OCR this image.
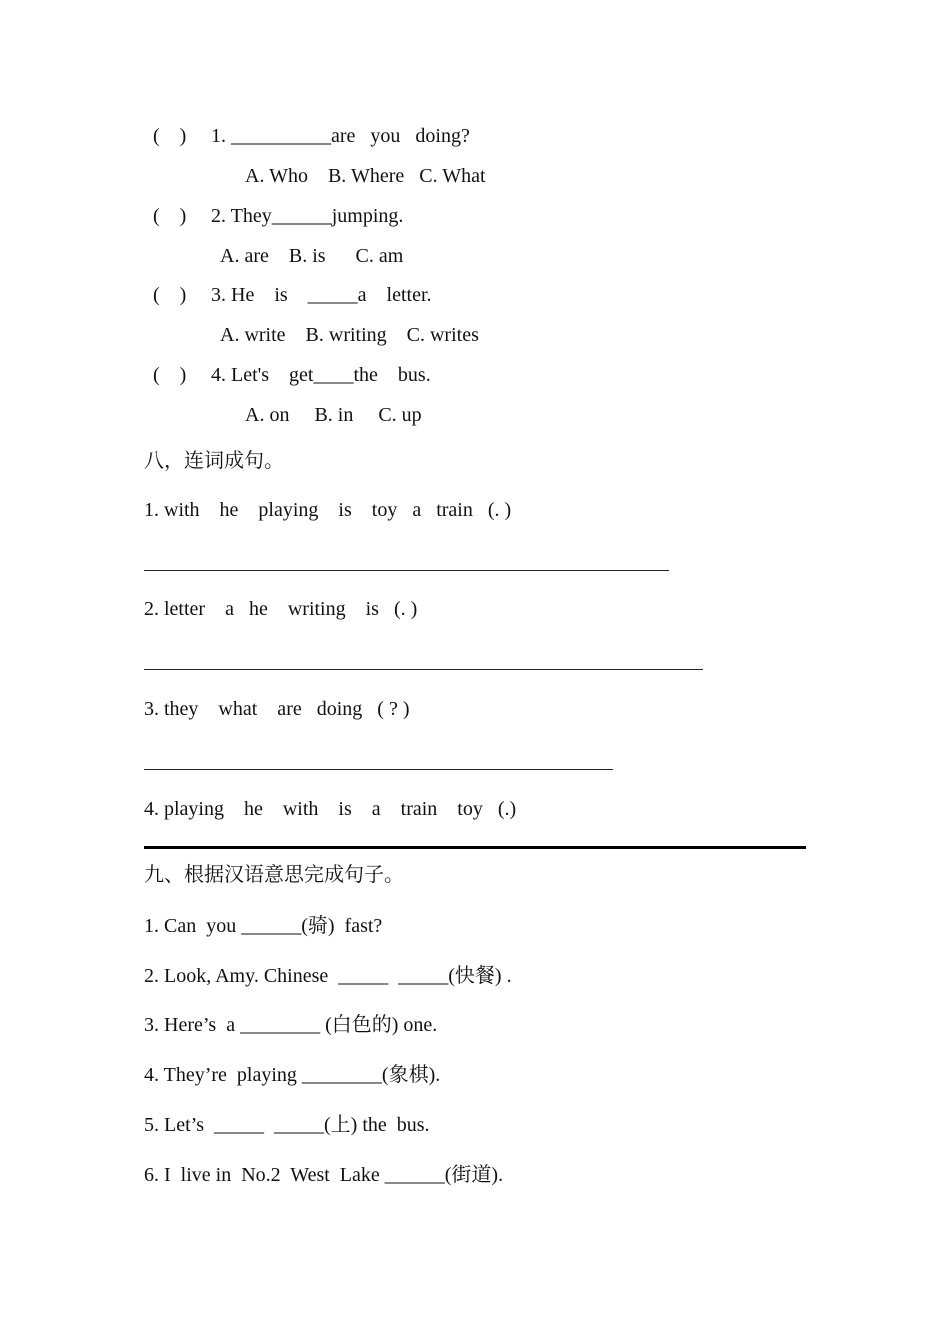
(    ) 1. __________are   you   doing?
A. Who    B. Where   C. What
(    ) 2. They______jumping.
A. are    B. is      C. am
(    ) 3. He    is    _____a    letter.
A. write    B. writing    C. writes
(    ) 4. Let's    get____the    bus.
A. on     B. in     C. up
八，连词成句。
1. with    he    playing    is    toy   a   train   (. )
2. letter    a   he    writing    is   (. )
3. they    what    are   doing   ( ? )
4. playing    he    with    is    a    train    toy   (.)
九、根据汉语意思完成句子。
1. Can  you ______(骑)  fast?
2. Look, Amy. Chinese  _____  _____(快餐) .
3. Here’s  a ________ (白色的) one.
4. They’re  playing ________(象棋).
5. Let’s  _____  _____(上) the  bus.
6. I  live in  No.2  West  Lake ______(街道).
